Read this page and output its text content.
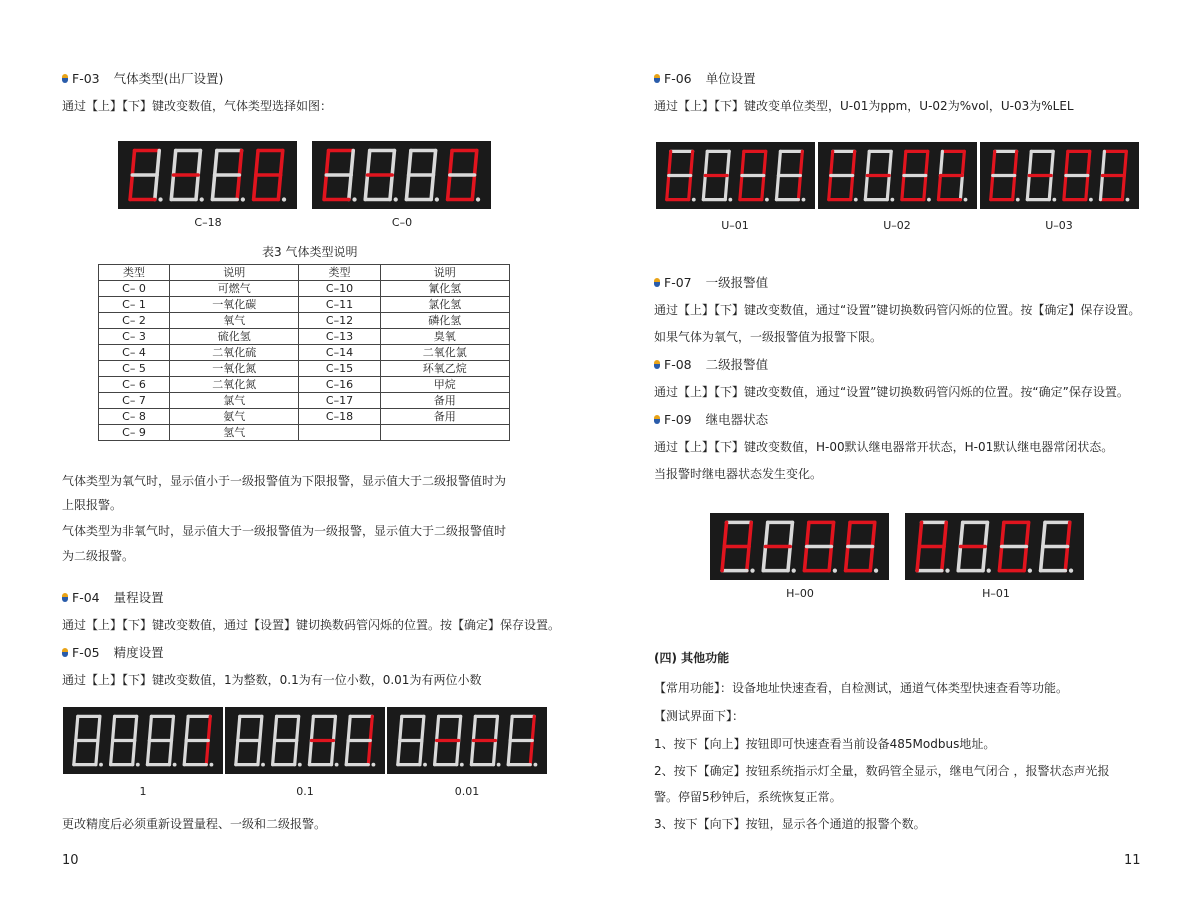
F-03 气体类型(出厂设置)
通过【上】【下】键改变数值，气体类型选择如图：
C–18	C–0
表3 气体类型说明
类型	说明	类型	说明
C– 0	可燃气	C–10	氰化氢
C– 1	一氧化碳	C–11	氯化氢
C– 2	氧气	C–12	磷化氢
C– 3	硫化氢	C–13	臭氧
C– 4	二氧化硫	C–14	二氧化氯
C– 5	一氧化氮	C–15	环氧乙烷
C– 6	二氧化氮	C–16	甲烷
C– 7	氯气	C–17	备用
C– 8	氨气	C–18	备用
C– 9	氢气		
气体类型为氧气时，显示值小于一级报警值为下限报警，显示值大于二级报警值时为
上限报警。
气体类型为非氧气时，显示值大于一级报警值为一级报警，显示值大于二级报警值时
为二级报警。
F-04 量程设置
通过【上】【下】键改变数值，通过【设置】键切换数码管闪烁的位置。按【确定】保存设置。
F-05 精度设置
通过【上】【下】键改变数值，1为整数，0.1为有一位小数，0.01为有两位小数
1	0.1	0.01
更改精度后必须重新设置量程、一级和二级报警。
10
F-06 单位设置
通过【上】【下】键改变单位类型，U-01为ppm，U-02为%vol，U-03为%LEL
U–01	U–02	U–03
F-07 一级报警值
通过【上】【下】键改变数值，通过“设置”键切换数码管闪烁的位置。按【确定】保存设置。
如果气体为氧气，一级报警值为报警下限。
F-08 二级报警值
通过【上】【下】键改变数值，通过“设置”键切换数码管闪烁的位置。按“确定”保存设置。
F-09 继电器状态
通过【上】【下】键改变数值，H-00默认继电器常开状态，H-01默认继电器常闭状态。
当报警时继电器状态发生变化。
H–00	H–01
(四) 其他功能
【常用功能】：设备地址快速查看，自检测试，通道气体类型快速查看等功能。
【测试界面下】：
1、按下【向上】按钮即可快速查看当前设备485Modbus地址。
2、按下【确定】按钮系统指示灯全量，数码管全显示，继电气闭合 ，报警状态声光报
警。停留5秒钟后，系统恢复正常。
3、按下【向下】按钮，显示各个通道的报警个数。
11
